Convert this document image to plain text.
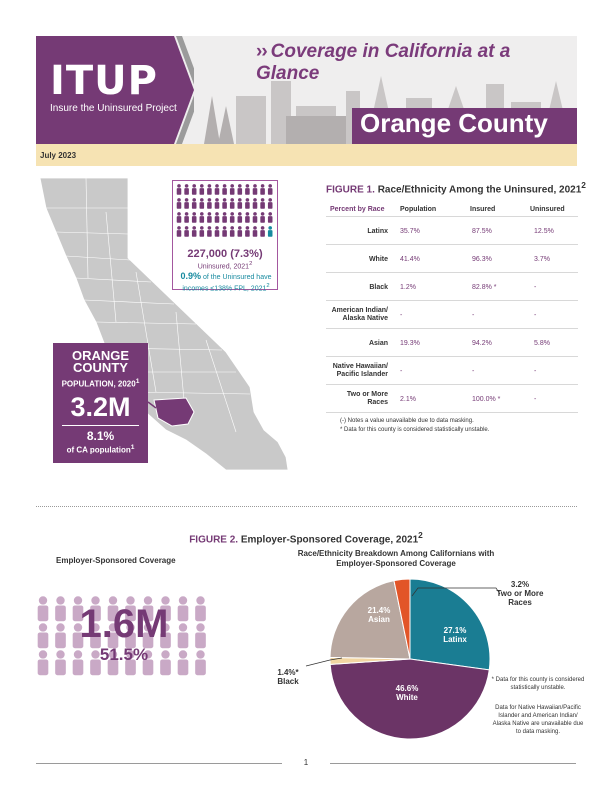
›› Coverage in California at a Glance
ITUP
Insure the Uninsured Project	Orange County
July 2023
ORANGE COUNTY
POPULATION, 2020$^1$
3.2M
8.1%
of CA population$^1$
227,000 (7.3%)
Uninsured, 2021$^2$
0.9% of the Uninsured have incomes ≤138% FPL, 2021$^2$
FIGURE 1. Race/Ethnicity Among the Uninsured, 2021$^2$
Percent by Race Population	Insured	Uninsured
Latinx 35.7%	87.5%	12.5%
White 41.4%	96.3%	3.7%
Black 1.2%	82.8% *	-
American Indian/ Alaska Native -	-	-
Asian 19.3%	94.2%	5.8%
Native Hawaiian/ Pacific Islander -	-	-
Two or More Races 2.1%	100.0% *	-
(-) Notes a value unavailable due to data masking.
* Data for this county is considered statistically unstable.
FIGURE 2. Employer-Sponsored Coverage, 2021$^2$
Employer-Sponsored Coverage
1.6M
51.5%
Race/Ethnicity Breakdown Among Californians with Employer-Sponsored Coverage
27.1%
Latinx
46.6%
White
1.4%*
Black
21.4%
Asian
3.2%
Two or More Races
* Data for this county is considered statistically unstable.
Data for Native Hawaiian/Pacific Islander and American Indian/ Alaska Native are unavailable due to data masking.
1
